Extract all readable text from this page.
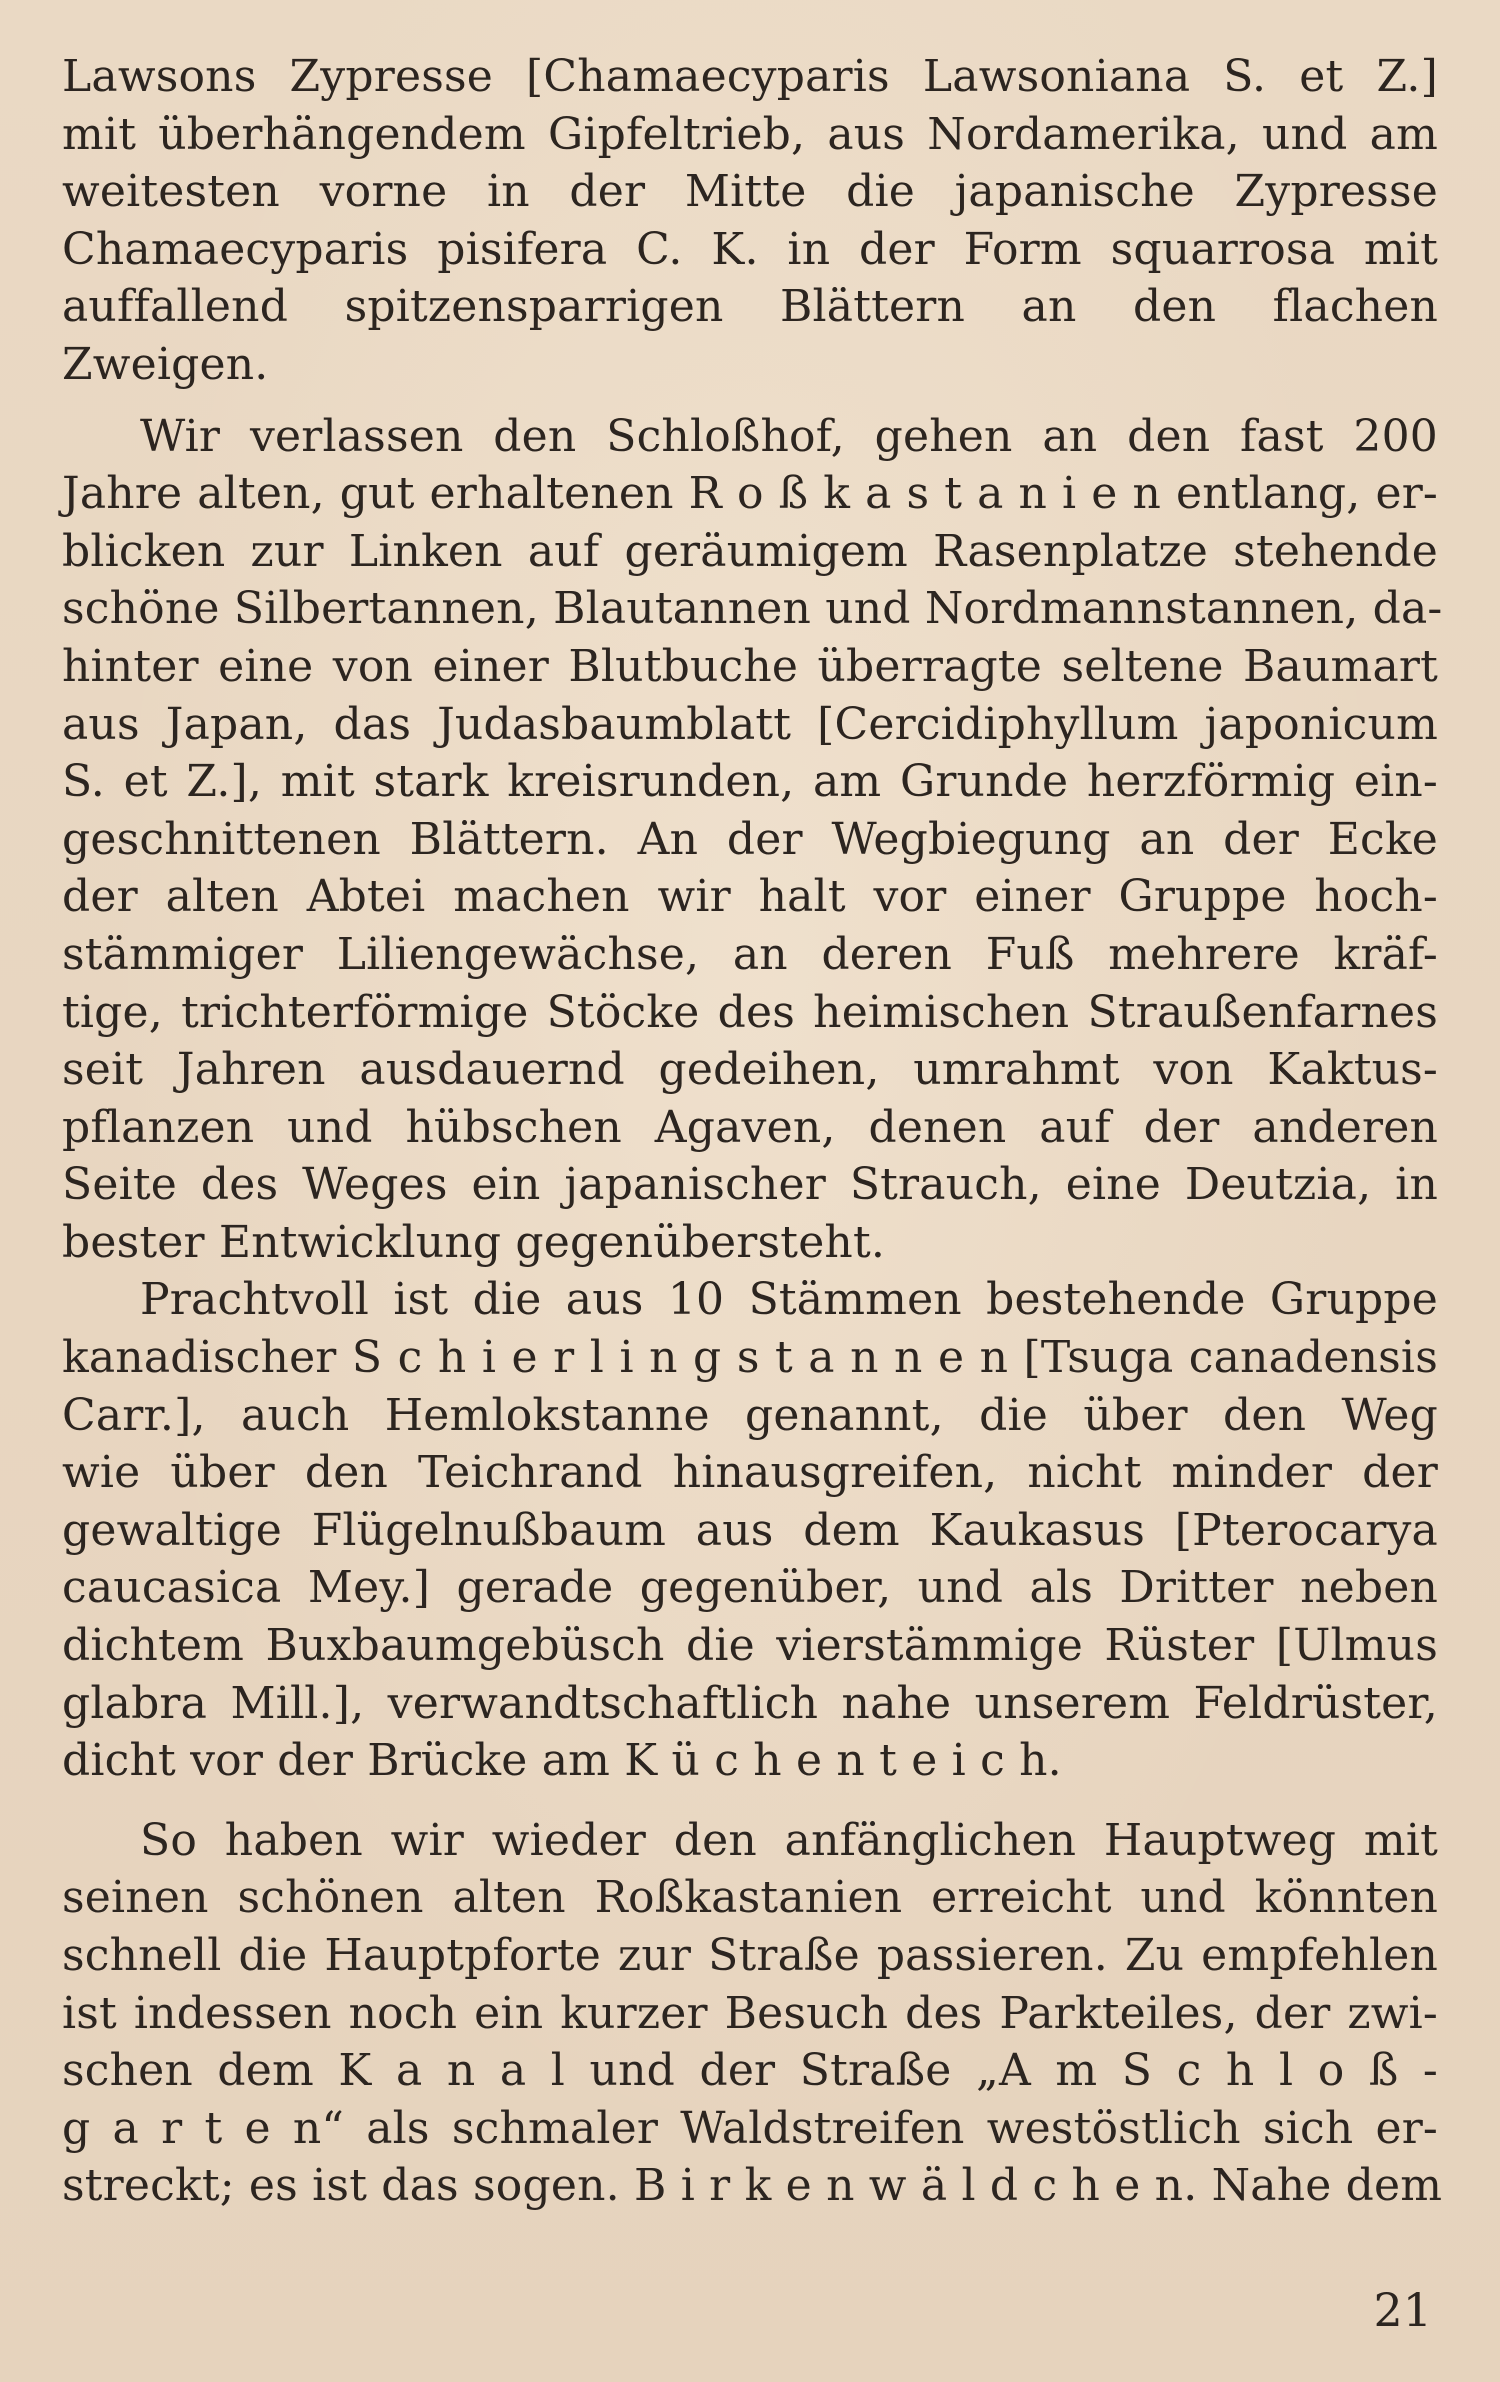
Lawsons Zypresse [Chamaecyparis Lawsoniana S. et Z.]
mit überhängendem Gipfeltrieb, aus Nordamerika, und am
weitesten vorne in der Mitte die japanische Zypresse
Chamaecyparis pisifera C. K. in der Form squarrosa mit
auffallend spitzensparrigen Blättern an den flachen
Zweigen.
Wir verlassen den Schloßhof, gehen an den fast 200
Jahre alten, gut erhaltenen R o ß k a s t a n i e n entlang, er-
blicken zur Linken auf geräumigem Rasenplatze stehende
schöne Silbertannen, Blautannen und Nordmannstannen, da-
hinter eine von einer Blutbuche überragte seltene Baumart
aus Japan, das Judasbaumblatt [Cercidiphyllum japonicum
S. et Z.], mit stark kreisrunden, am Grunde herzförmig ein-
geschnittenen Blättern. An der Wegbiegung an der Ecke
der alten Abtei machen wir halt vor einer Gruppe hoch-
stämmiger Liliengewächse, an deren Fuß mehrere kräf-
tige, trichterförmige Stöcke des heimischen Straußenfarnes
seit Jahren ausdauernd gedeihen, umrahmt von Kaktus-
pflanzen und hübschen Agaven, denen auf der anderen
Seite des Weges ein japanischer Strauch, eine Deutzia, in
bester Entwicklung gegenübersteht.
Prachtvoll ist die aus 10 Stämmen bestehende Gruppe
kanadischer S c h i e r l i n g s t a n n e n [Tsuga canadensis
Carr.], auch Hemlokstanne genannt, die über den Weg
wie über den Teichrand hinausgreifen, nicht minder der
gewaltige Flügelnußbaum aus dem Kaukasus [Pterocarya
caucasica Mey.] gerade gegenüber, und als Dritter neben
dichtem Buxbaumgebüsch die vierstämmige Rüster [Ulmus
glabra Mill.], verwandtschaftlich nahe unserem Feldrüster,
dicht vor der Brücke am K ü c h e n t e i c h.
So haben wir wieder den anfänglichen Hauptweg mit
seinen schönen alten Roßkastanien erreicht und könnten
schnell die Hauptpforte zur Straße passieren. Zu empfehlen
ist indessen noch ein kurzer Besuch des Parkteiles, der zwi-
schen dem K a n a l und der Straße „A m S c h l o ß -
g a r t e n“ als schmaler Waldstreifen westöstlich sich er-
streckt; es ist das sogen. B i r k e n w ä l d c h e n. Nahe dem
21
